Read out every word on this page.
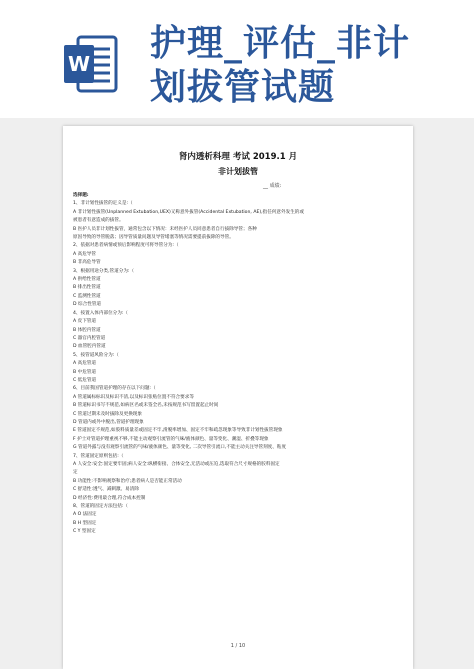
W 护理_评估_非计
划拔管试题
肾内透析科理 考试 2019.1 月
非计划拔管
__ 成绩:
选择题:
1、非计划性拔管的定义是:（
A 非计划性拔管(Unplanned Extubation,UEX)又称意外拔管(Accidental Extubation, AE),指任何意外发生的或
被患者有意造成的拔管。
B 医护人员非计划性拔管，通常包含以下情况：未经医护人员同意患者自行拔除导管；各种
原因导致的导管脱落；因导管质量问题及导管堵塞等情况需要提前拔除的导管。
2、依据对患者病情或预后影响程度可将导管分为:（
A 高危导管
B 非高危导管
3、根据用途分类,管道分为:（
A 供给性管道
B 排出性管道
C 监测性管道
D 综合性管道
4、按置入体内部位分为:（
A 皮下管道
B 体腔内管道
C 器官内腔管道
D 血管腔内管道
5、按管道风险分为:（
A 高危管道
B 中危管道
C 低危管道
6、目前我国管道护理的存在以下问题:（
A 管道属标标识及标识不清,以及标识张贴位置不符合要求等
B 管道标识书写不规范,如病区名或未签全名,未按规范书写留置起止时间
C 管道过期未及时拔除及更换现象
D 管道内或外中脱出,管道护理现象
E 管道固定不规范,如胶料质量差或固定不牢,滑脱率增加、固定不牢和疏忽现象等导致非计划性拔管现象
F 护士对管道护理重视不够,不能主动观察引流管的气味/液体颜色、量等变化、潮湿、折叠等现象
G 管道外露与没有观察引流管的气味/液体颜色、量等变化, 二次导管引流口,不能主动关注导管刻度、粘度
7、管道固定原则包括:（
A 人安全:安全:固定要牢固;病人安全:纵横衔接、合体安全,无活动或压迫,选取符合尺寸规格的胶料固定
定
B 功能性:不影响观察和治疗;患者病人是否能正常活动
C 舒适性:透气、减刺激、易清除
D 经济性:费用最合理,符合成本控制
8、管道的固定方法包括:（
A O 法固定
B H 型固定
C Y 型固定
1 / 10
